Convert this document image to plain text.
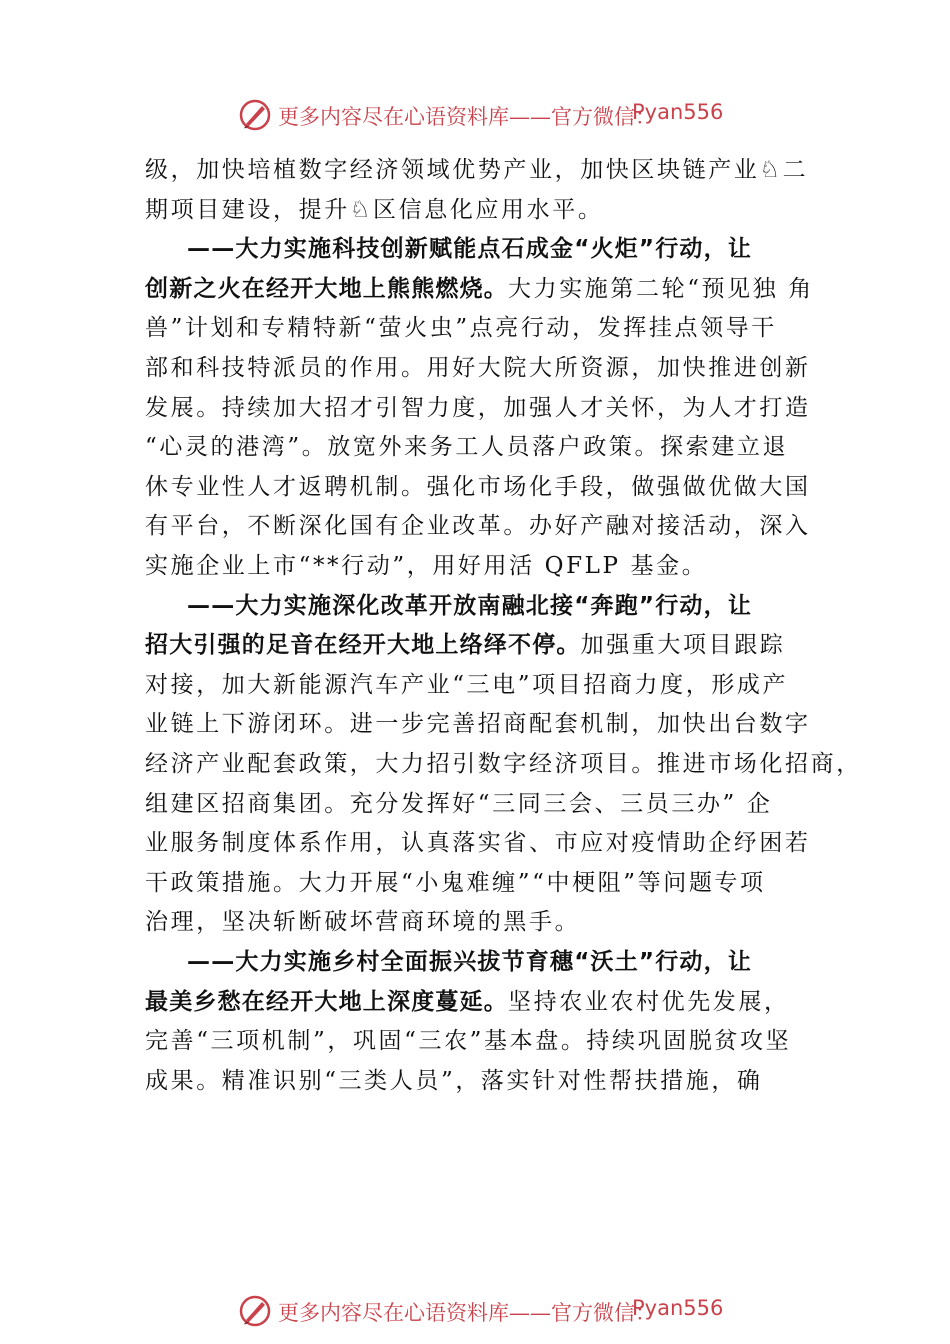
更多内容尽在心语资料库——官方微信：
Pyan556
级，加快培植数字经济领域优势产业，加快区块链产业♘二
期项目建设，提升♘区信息化应用水平。
——大力实施科技创新赋能点石成金“火炬”行动，让
创新之火在经开大地上熊熊燃烧。大力实施第二轮“预见独 角
兽”计划和专精特新“萤火虫”点亮行动，发挥挂点领导干
部和科技特派员的作用。用好大院大所资源，加快推进创新
发展。持续加大招才引智力度，加强人才关怀，为人才打造
“心灵的港湾”。放宽外来务工人员落户政策。探索建立退
休专业性人才返聘机制。强化市场化手段，做强做优做大国
有平台，不断深化国有企业改革。办好产融对接活动，深入
实施企业上市“**行动”，用好用活 QFLP 基金。
——大力实施深化改革开放南融北接“奔跑”行动，让
招大引强的足音在经开大地上络绎不停。加强重大项目跟踪
对接，加大新能源汽车产业“三电”项目招商力度，形成产
业链上下游闭环。进一步完善招商配套机制，加快出台数字
经济产业配套政策，大力招引数字经济项目。推进市场化招商，
组建区招商集团。充分发挥好“三同三会、三员三办” 企
业服务制度体系作用，认真落实省、市应对疫情助企纾困若
干政策措施。大力开展“小鬼难缠”“中梗阻”等问题专项
治理，坚决斩断破坏营商环境的黑手。
——大力实施乡村全面振兴拔节育穗“沃土”行动，让
最美乡愁在经开大地上深度蔓延。坚持农业农村优先发展，
完善“三项机制”，巩固“三农”基本盘。持续巩固脱贫攻坚
成果。精准识别“三类人员”，落实针对性帮扶措施，确
更多内容尽在心语资料库——官方微信：
Pyan556
